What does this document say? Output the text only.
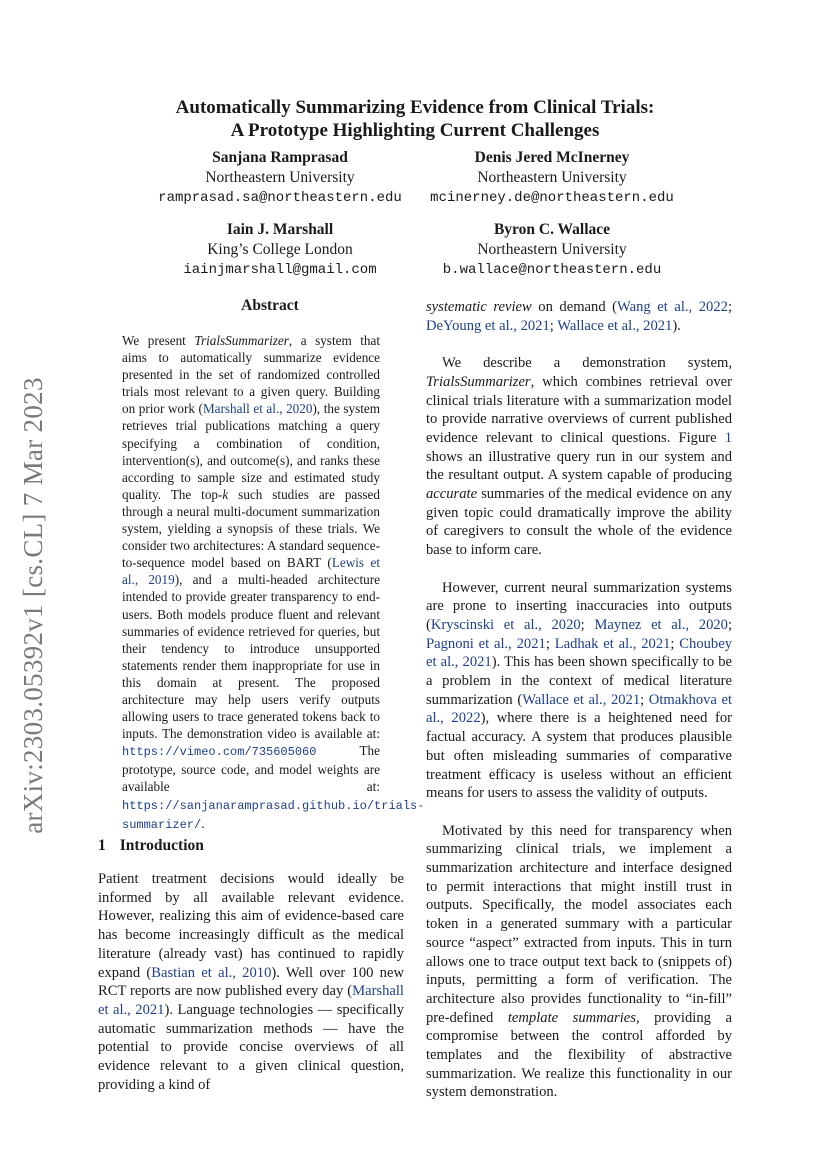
arXiv:2303.05392v1 [cs.CL] 7 Mar 2023
Automatically Summarizing Evidence from Clinical Trials:
A Prototype Highlighting Current Challenges
Sanjana Ramprasad
Northeastern University
ramprasad.sa@northeastern.edu
Denis Jered McInerney
Northeastern University
mcinerney.de@northeastern.edu
Iain J. Marshall
King’s College London
iainjmarshall@gmail.com
Byron C. Wallace
Northeastern University
b.wallace@northeastern.edu
Abstract

We present TrialsSummarizer, a system that aims to automatically summarize evidence presented in the set of randomized controlled trials most relevant to a given query. Building on prior work (Marshall et al., 2020), the system retrieves trial publications matching a query specifying a combination of condition, intervention(s), and outcome(s), and ranks these according to sample size and estimated study quality. The top-k such studies are passed through a neural multi-document summarization system, yielding a synopsis of these trials. We consider two architectures: A standard sequence-to-sequence model based on BART (Lewis et al., 2019), and a multi-headed architecture intended to provide greater transparency to end-users. Both models produce fluent and relevant summaries of evidence retrieved for queries, but their tendency to introduce unsupported statements render them inappropriate for use in this domain at present. The proposed architecture may help users verify outputs allowing users to trace generated tokens back to inputs. The demonstration video is available at: https://vimeo.com/735605060 The prototype, source code, and model weights are available at: https://sanjanaramprasad.github.io/trials-summarizer/.

1 Introduction

Patient treatment decisions would ideally be informed by all available relevant evidence. However, realizing this aim of evidence-based care has become increasingly difficult as the medical literature (already vast) has continued to rapidly expand (Bastian et al., 2010). Well over 100 new RCT reports are now published every day (Marshall et al., 2021). Language technologies — specifically automatic summarization methods — have the potential to provide concise overviews of all evidence relevant to a given clinical question, providing a kind of

systematic review on demand (Wang et al., 2022; DeYoung et al., 2021; Wallace et al., 2021).

We describe a demonstration system, TrialsSummarizer, which combines retrieval over clinical trials literature with a summarization model to provide narrative overviews of current published evidence relevant to clinical questions. Figure 1 shows an illustrative query run in our system and the resultant output. A system capable of producing accurate summaries of the medical evidence on any given topic could dramatically improve the ability of caregivers to consult the whole of the evidence base to inform care.

However, current neural summarization systems are prone to inserting inaccuracies into outputs (Kryscinski et al., 2020; Maynez et al., 2020; Pagnoni et al., 2021; Ladhak et al., 2021; Choubey et al., 2021). This has been shown specifically to be a problem in the context of medical literature summarization (Wallace et al., 2021; Otmakhova et al., 2022), where there is a heightened need for factual accuracy. A system that produces plausible but often misleading summaries of comparative treatment efficacy is useless without an efficient means for users to assess the validity of outputs.

Motivated by this need for transparency when summarizing clinical trials, we implement a summarization architecture and interface designed to permit interactions that might instill trust in outputs. Specifically, the model associates each token in a generated summary with a particular source “aspect” extracted from inputs. This in turn allows one to trace output text back to (snippets of) inputs, permitting a form of verification. The architecture also provides functionality to “in-fill” pre-defined template summaries, providing a compromise between the control afforded by templates and the flexibility of abstractive summarization. We realize this functionality in our system demonstration.
